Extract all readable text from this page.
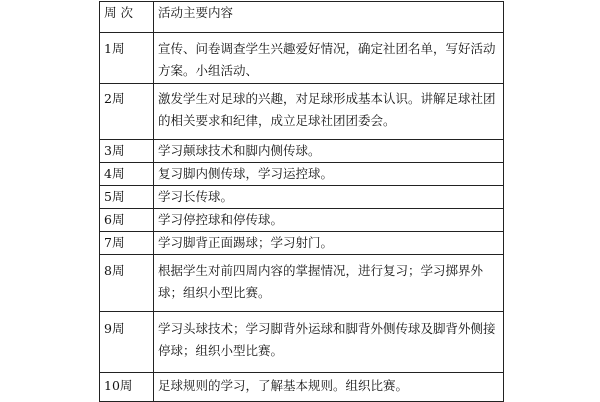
周 次	活动主要内容
1周	宣传、问卷调查学生兴趣爱好情况，确定社团名单，写好活动方案。小组活动、
2周	激发学生对足球的兴趣，对足球形成基本认识。讲解足球社团的相关要求和纪律，成立足球社团团委会。
3周	学习颠球技术和脚内侧传球。
4周	复习脚内侧传球，学习运控球。
5周	学习长传球。
6周	学习停控球和停传球。
7周	学习脚背正面踢球；学习射门。
8周	根据学生对前四周内容的掌握情况，进行复习；学习掷界外球；组织小型比赛。
9周	学习头球技术；学习脚背外运球和脚背外侧传球及脚背外侧接停球；组织小型比赛。
10周	足球规则的学习，了解基本规则。组织比赛。
